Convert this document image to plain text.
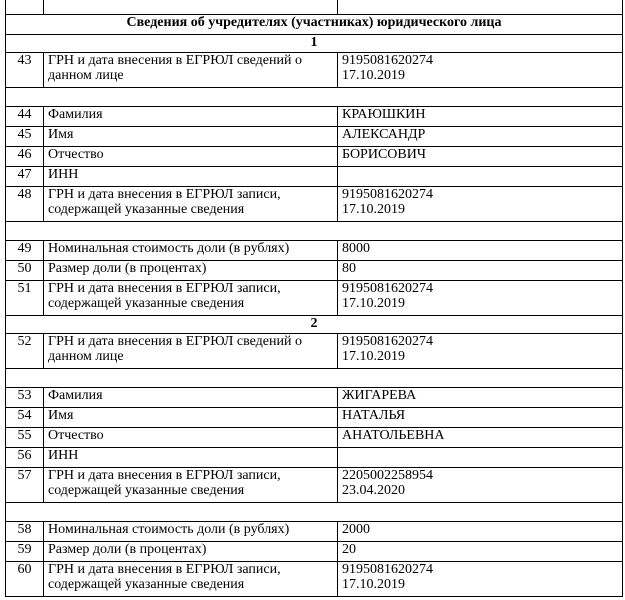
Сведения об учредителях (участниках) юридического лица		
1		
43	ГРН и дата внесения в ЕГРЮЛ сведений о данном лице	9195081620274
17.10.2019

44	Фамилия	КРАЮШКИН
45	Имя	АЛЕКСАНДР
46	Отчество	БОРИСОВИЧ
47	ИНН	
48	ГРН и дата внесения в ЕГРЮЛ записи, содержащей указанные сведения	9195081620274
17.10.2019

49	Номинальная стоимость доли (в рублях)	8000
50	Размер доли (в процентах)	80
51	ГРН и дата внесения в ЕГРЮЛ записи, содержащей указанные сведения	9195081620274
17.10.2019
2		
52	ГРН и дата внесения в ЕГРЮЛ сведений о данном лице	9195081620274
17.10.2019

53	Фамилия	ЖИГАРЕВА
54	Имя	НАТАЛЬЯ
55	Отчество	АНАТОЛЬЕВНА
56	ИНН	
57	ГРН и дата внесения в ЕГРЮЛ записи, содержащей указанные сведения	2205002258954
23.04.2020

58	Номинальная стоимость доли (в рублях)	2000
59	Размер доли (в процентах)	20
60	ГРН и дата внесения в ЕГРЮЛ записи, содержащей указанные сведения	9195081620274
17.10.2019
